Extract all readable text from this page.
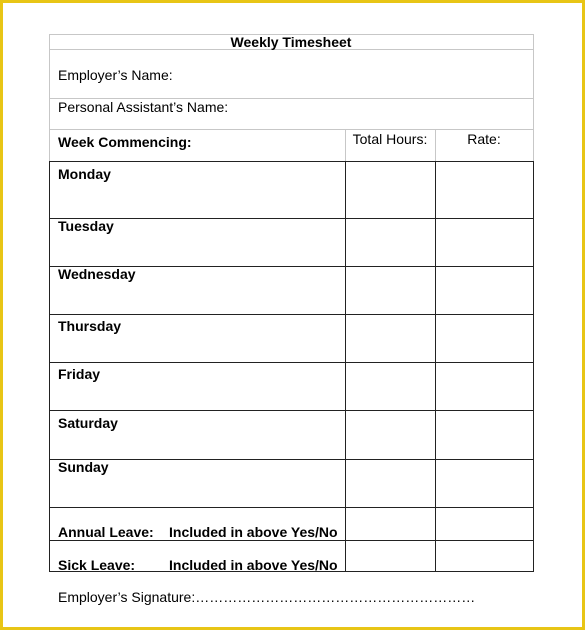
Weekly Timesheet
Employer’s Name:
Personal Assistant’s Name:
Week Commencing:	Total Hours:	Rate:
Monday
Tuesday
Wednesday
Thursday
Friday
Saturday
Sunday
Annual Leave: Included in above Yes/No
Sick Leave: Included in above Yes/No
Employer’s Signature:……………………………………………………
